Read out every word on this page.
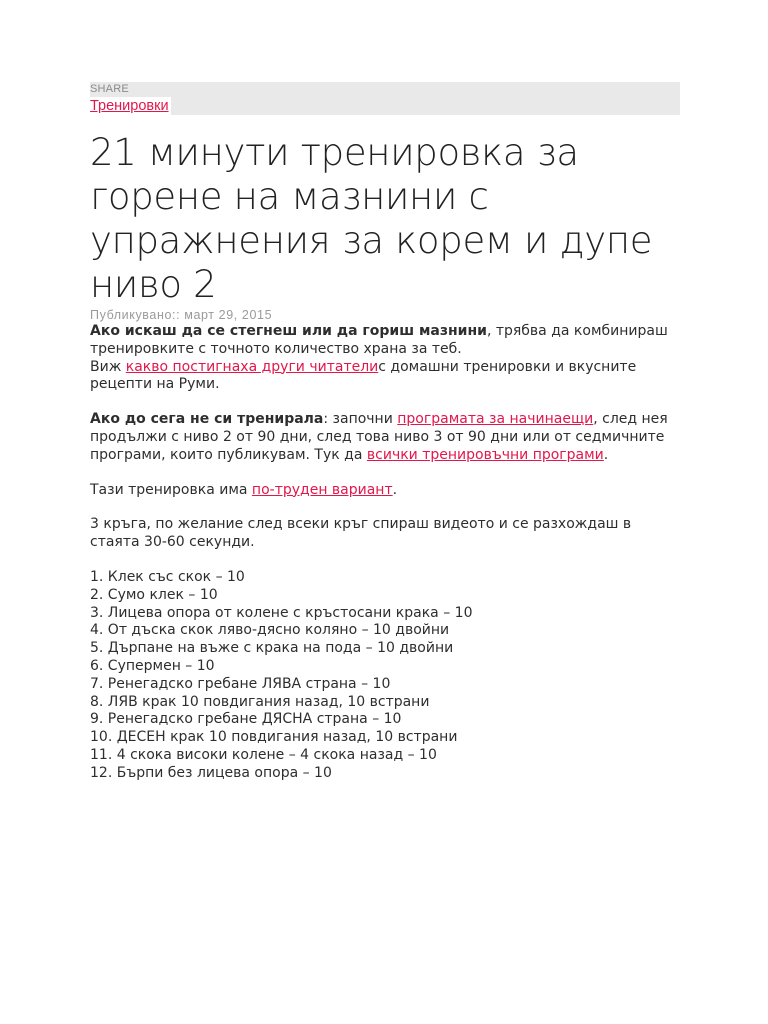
SHARE
Тренировки
21 минути тренировка за горене на мазнини с упражнения за корем и дупе ниво 2
Публикувано:: март 29, 2015

Ако искаш да се стегнеш или да гориш мазнини, трябва да комбинираш тренировките с точното количество храна за теб.
Виж какво постигнаха други читателис домашни тренировки и вкусните рецепти на Руми.

Ако до сега не си тренирала: започни програмата за начинаещи, след нея продължи с ниво 2 от 90 дни, след това ниво 3 от 90 дни или от седмичните програми, които публикувам. Тук да всички тренировъчни програми.

Тази тренировка има по-труден вариант.

3 кръга, по желание след всеки кръг спираш видеото и се разхождаш в стаята 30-60 секунди.

1. Клек със скок – 10
2. Сумо клек – 10
3. Лицева опора от колене с кръстосани крака – 10
4. От дъска скок ляво-дясно коляно – 10 двойни
5. Дърпане на въже с крака на пода – 10 двойни
6. Супермен – 10
7. Ренегадско гребане ЛЯВА страна – 10
8. ЛЯВ крак 10 повдигания назад, 10 встрани
9. Ренегадско гребане ДЯСНА страна – 10
10. ДЕСЕН крак 10 повдигания назад, 10 встрани
11. 4 скока високи колене – 4 скока назад – 10
12. Бърпи без лицева опора – 10
